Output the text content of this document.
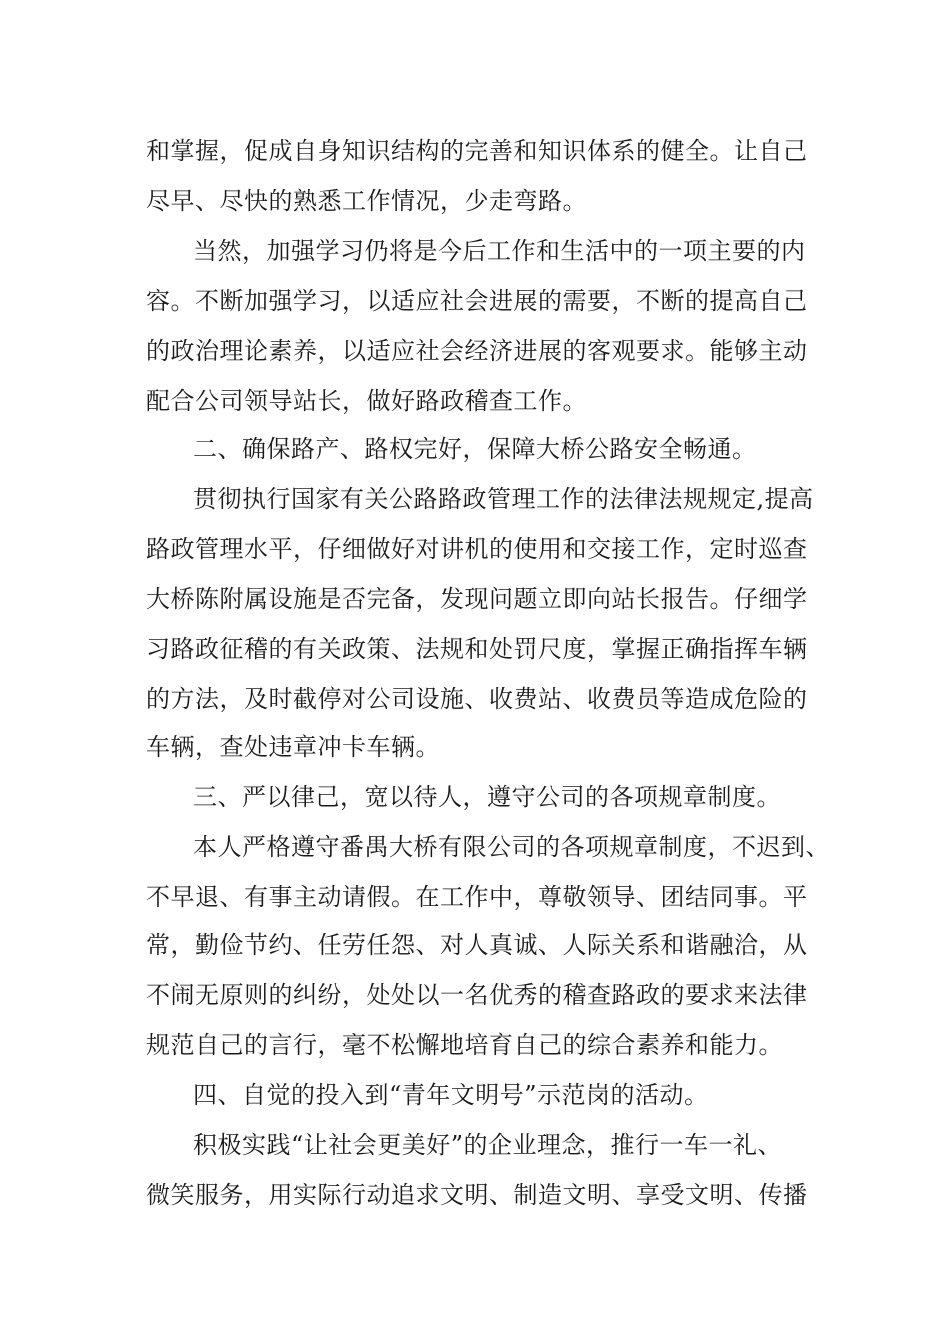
和掌握，促成自身知识结构的完善和知识体系的健全。让自己
尽早、尽快的熟悉工作情况，少走弯路。
当然，加强学习仍将是今后工作和生活中的一项主要的内
容。不断加强学习，以适应社会进展的需要，不断的提高自己
的政治理论素养，以适应社会经济进展的客观要求。能够主动
配合公司领导站长，做好路政稽查工作。
二、确保路产、路权完好，保障大桥公路安全畅通。
贯彻执行国家有关公路路政管理工作的法律法规规定,提高
路政管理水平，仔细做好对讲机的使用和交接工作，定时巡查
大桥陈附属设施是否完备，发现问题立即向站长报告。仔细学
习路政征稽的有关政策、法规和处罚尺度，掌握正确指挥车辆
的方法，及时截停对公司设施、收费站、收费员等造成危险的
车辆，查处违章冲卡车辆。
三、严以律己，宽以待人，遵守公司的各项规章制度。
本人严格遵守番禺大桥有限公司的各项规章制度，不迟到、
不早退、有事主动请假。在工作中，尊敬领导、团结同事。平
常，勤俭节约、任劳任怨、对人真诚、人际关系和谐融洽，从
不闹无原则的纠纷，处处以一名优秀的稽查路政的要求来法律
规范自己的言行，毫不松懈地培育自己的综合素养和能力。
四、自觉的投入到“青年文明号”示范岗的活动。
积极实践“让社会更美好”的企业理念，推行一车一礼、
微笑服务，用实际行动追求文明、制造文明、享受文明、传播
